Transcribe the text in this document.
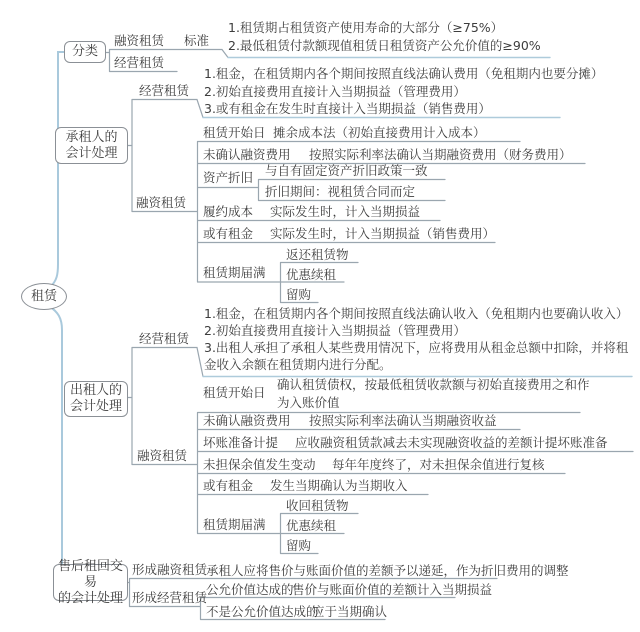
租赁
分类
融资租赁 标准
1.租赁期占租赁资产使用寿命的大部分（≥75%）
2.最低租赁付款额现值租赁日租赁资产公允价值的≥90%
经营租赁
承租人的
会计处理
经营租赁
1.租金，在租赁期内各个期间按照直线法确认费用（免租期内也要分摊）
2.初始直接费用直接计入当期损益（管理费用）
3.或有租金在发生时直接计入当期损益（销售费用）
融资租赁
租赁开始日 摊余成本法（初始直接费用计入成本）
未确认融资费用 按照实际利率法确认当期融资费用（财务费用）
资产折旧 与自有固定资产折旧政策一致
折旧期间：视租赁合同而定
履约成本 实际发生时，计入当期损益
或有租金 实际发生时，计入当期损益（销售费用）
租赁期届满
返还租赁物
优惠续租
留购
出租人的
会计处理
经营租赁
1.租金，在租赁期内各个期间按照直线法确认收入（免租期内也要确认收入）
2.初始直接费用直接计入当期损益（管理费用）
3.出租人承担了承租人某些费用情况下，应将费用从租金总额中扣除，并将租
金收入余额在租赁期内进行分配。
融资租赁
租赁开始日
确认租赁债权，按最低租赁收款额与初始直接费用之和作
为入账价值
未确认融资费用 按照实际利率法确认当期融资收益
坏账准备计提 应收融资租赁款减去未实现融资收益的差额计提坏账准备
未担保余值发生变动 每年年度终了，对未担保余值进行复核
或有租金 发生当期确认为当期收入
租赁期届满
收回租赁物
优惠续租
留购
售后租回交易
的会计处理
形成融资租赁
承租人应将售价与账面价值的差额予以递延，作为折旧费用的调整
形成经营租赁
公允价值达成的
售价与账面价值的差额计入当期损益
不是公允价值达成的
应于当期确认
